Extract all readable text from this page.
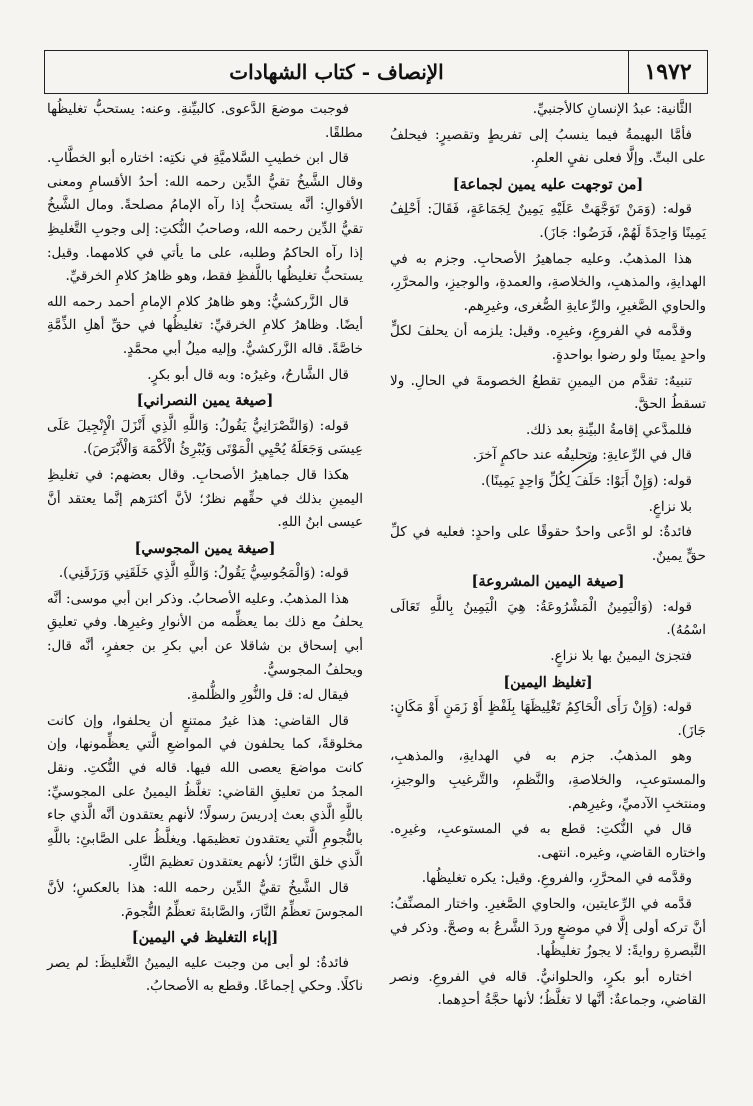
١٩٧٢
الإنصاف - كتاب الشهادات
الثَّانية: عبدُ الإنسانِ كالأجنبيِّ.
فأمَّا البهيمةُ فيما ينسبُ إلى تفريطٍ وتقصيرٍ: فيحلفُ على البتِّ. وإلَّا فعلى نفيِ العلمِ.
[من توجهت عليه يمين لجماعة]
قوله: (وَمَنْ تَوَجَّهَتْ عَلَيْهِ يَمِينٌ لِجَمَاعَةٍ، فَقَالَ: أَحْلِفُ يَمِينًا وَاحِدَةً لَهُمْ، فَرَضُوا: جَازَ).
هذا المذهبُ. وعليه جماهيرُ الأصحابِ. وجزم به في الهدايةِ، والمذهبِ، والخلاصةِ، والعمدةِ، والوجيزِ، والمحرَّرِ، والحاوي الصَّغيرِ، والرِّعايةِ الصُّغرى، وغيرِهم.
وقدَّمه في الفروعِ، وغيرِه. وقيل: يلزمه أن يحلفَ لكلٍّ واحدٍ يمينًا ولو رضوا بواحدةٍ.
تنبيهٌ: تقدَّم من اليمينِ تقطعُ الخصومةَ في الحالِ. ولا تسقطُ الحقَّ.
فللمدَّعي إقامةُ البيِّنةِ بعد ذلك.
قال في الرِّعايةِ: وتحليفُه عند حاكمٍ آخرَ.
قوله: (وَإِنْ أَبَوْا: حَلَفَ لِكُلِّ وَاحِدٍ يَمِينًا).
بلا نزاعٍ.
فائدةٌ: لو ادَّعى واحدٌ حقوقًا على واحدٍ: فعليه في كلِّ حقٍّ يمينٌ.
[صيغة اليمين المشروعة]
قوله: (وَالْيَمِينُ الْمَشْرُوعَةُ: هِيَ الْيَمِينُ بِاللَّهِ تَعَالَى اسْمُهُ).
فتجزئ اليمينُ بها بلا نزاعٍ.
[تغليظ اليمين]
قوله: (وَإِنْ رَأَى الْحَاكِمُ تَغْلِيظَهَا بِلَفْظٍ أَوْ زَمَنٍ أَوْ مَكَانٍ: جَازَ).
وهو المذهبُ. جزم به في الهدايةِ، والمذهبِ، والمستوعبِ، والخلاصةِ، والنَّظمِ، والتَّرغيبِ والوجيزِ، ومنتخبِ الآدميِّ، وغيرِهم.
قال في النُّكتِ: قطع به في المستوعبِ، وغيرِه. واختاره القاضي، وغيره. انتهى.
وقدَّمه في المحرَّرِ، والفروعِ. وقيل: يكره تغليظُها.
قدَّمه في الرِّعايتين، والحاوي الصَّغيرِ. واختار المصنِّفُ: أنَّ تركه أولى إلَّا في موضعٍ وردَ الشَّرعُ به وصحَّ. وذكر في التَّبصرةِ روايةً: لا يجوزُ تغليظُها.
اختاره أبو بكرٍ، والحلوانيُّ. قاله في الفروعِ. ونصر القاضي، وجماعةٌ: أنَّها لا تغلَّظُ؛ لأنها حجَّةُ أحدِهما.
فوجبت موضعَ الدَّعوى. كالبيِّنةِ. وعنه: يستحبُّ تغليظُها مطلقًا.
قال ابن خطيبِ السَّلاميَّةِ في نكتِه: اختاره أبو الخطَّابِ. وقال الشَّيخُ تقيُّ الدِّين رحمه الله: أحدُ الأقسامِ ومعنى الأقوالِ: أنَّه يستحبُّ إذا رآه الإمامُ مصلحةً. ومال الشَّيخُ تقيُّ الدِّين رحمه الله، وصاحبُ النُّكتِ: إلى وجوبِ التَّغليظِ إذا رآه الحاكمُ وطلبه، على ما يأتي في كلامهما. وقيل: يستحبُّ تغليظُها باللَّفظِ فقط، وهو ظاهرُ كلامِ الخرقيِّ.
قال الزَّركشيُّ: وهو ظاهرُ كلامِ الإمامِ أحمد رحمه الله أيضًا. وظاهرُ كلامِ الخرقيِّ: تغليظُها في حقِّ أهلِ الذِّمَّةِ خاصَّةً. قاله الزَّركشيُّ. وإليه ميلُ أبي محمَّدٍ.
قال الشَّارحُ، وغيرُه: وبه قال أبو بكرٍ.
[صيغة يمين النصراني]
قوله: (وَالنَّصْرَانِيُّ يَقُولُ: وَاللَّهِ الَّذِي أَنْزَلَ الْإِنْجِيلَ عَلَى عِيسَى وَجَعَلَهُ يُحْيِي الْمَوْتَى وَيُبْرِئُ الْأَكْمَهَ وَالْأَبْرَصَ).
هكذا قال جماهيرُ الأصحابِ. وقال بعضهم: في تغليظِ اليمينِ بذلك في حقِّهم نظرٌ؛ لأنَّ أكثرَهم إنَّما يعتقد أنَّ عيسى ابنُ اللهِ.
[صيغة يمين المجوسي]
قوله: (وَالْمَجُوسِيُّ يَقُولُ: وَاللَّهِ الَّذِي خَلَقَنِي وَرَزَقَنِي).
هذا المذهبُ. وعليه الأصحابُ. وذكر ابن أبي موسى: أنَّه يحلفُ مع ذلك بما يعظِّمه من الأنوارِ وغيرِها. وفي تعليقِ أبي إسحاق بن شاقلا عن أبي بكرِ بن جعفرٍ، أنَّه قال: ويحلفُ المجوسيُّ.
فيقال له: قل والنُّورِ والظُّلمةِ.
قال القاضي: هذا غيرُ ممتنعٍ أن يحلفوا، وإن كانت مخلوقةً، كما يحلفون في المواضعِ الَّتي يعظِّمونها، وإن كانت مواضعَ يعصى الله فيها. قاله في النُّكتِ. ونقل المجدُ من تعليقِ القاضي: تغلَّظُ اليمينُ على المجوسيِّ: باللَّهِ الَّذي بعث إدريسَ رسولًا؛ لأنهم يعتقدون أنَّه الَّذي جاء بالنُّجومِ الَّتي يعتقدون تعظيمَها. ويغلَّظُ على الصَّابئِ: باللَّهِ الَّذي خلق النَّارَ؛ لأنهم يعتقدون تعظيمَ النَّارِ.
قال الشَّيخُ تقيُّ الدِّين رحمه الله: هذا بالعكسِ؛ لأنَّ المجوسَ تعظِّمُ النَّارَ، والصَّابئةَ تعظِّمُ النُّجومَ.
[إباء التغليظ في اليمين]
فائدةٌ: لو أبى من وجبت عليه اليمينُ التَّغليظَ: لم يصر ناكلًا. وحكي إجماعًا. وقطع به الأصحابُ.
